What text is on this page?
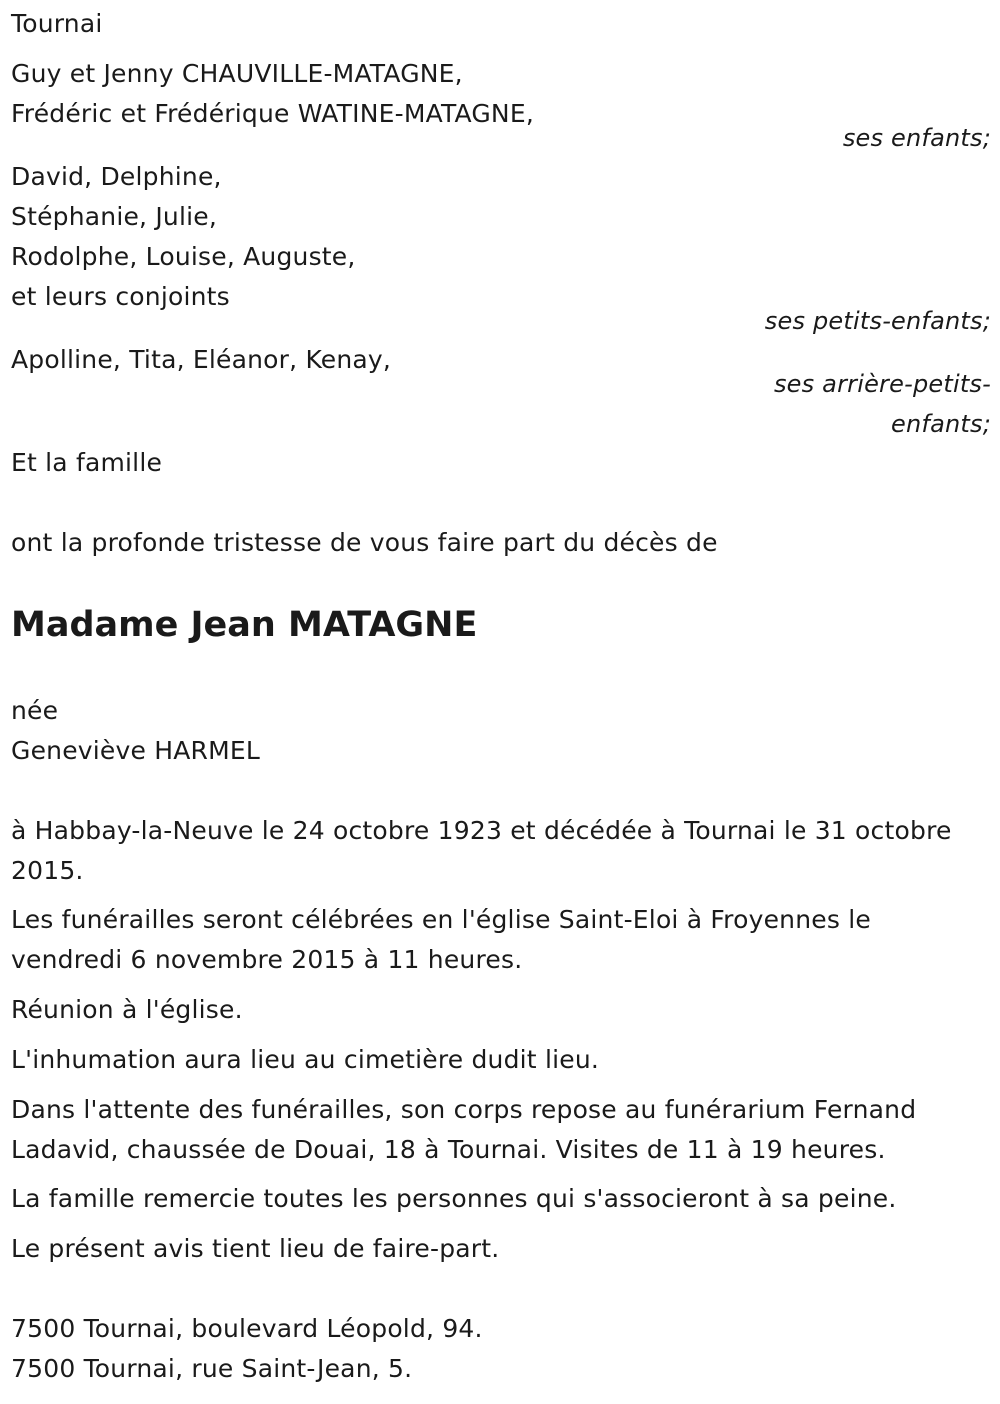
Tournai
Guy et Jenny CHAUVILLE-MATAGNE,
Frédéric et Frédérique WATINE-MATAGNE,
ses enfants;
David, Delphine,
Stéphanie, Julie,
Rodolphe, Louise, Auguste,
et leurs conjoints
ses petits-enfants;
Apolline, Tita, Eléanor, Kenay,
ses arrière-petits-
enfants;
Et la famille
ont la profonde tristesse de vous faire part du décès de
Madame Jean MATAGNE
née
Geneviève HARMEL
à Habbay-la-Neuve le 24 octobre 1923 et décédée à Tournai le 31 octobre
2015.
Les funérailles seront célébrées en l'église Saint-Eloi à Froyennes le
vendredi 6 novembre 2015 à 11 heures.
Réunion à l'église.
L'inhumation aura lieu au cimetière dudit lieu.
Dans l'attente des funérailles, son corps repose au funérarium Fernand
Ladavid, chaussée de Douai, 18 à Tournai. Visites de 11 à 19 heures.
La famille remercie toutes les personnes qui s'associeront à sa peine.
Le présent avis tient lieu de faire-part.
7500 Tournai, boulevard Léopold, 94.
7500 Tournai, rue Saint-Jean, 5.
